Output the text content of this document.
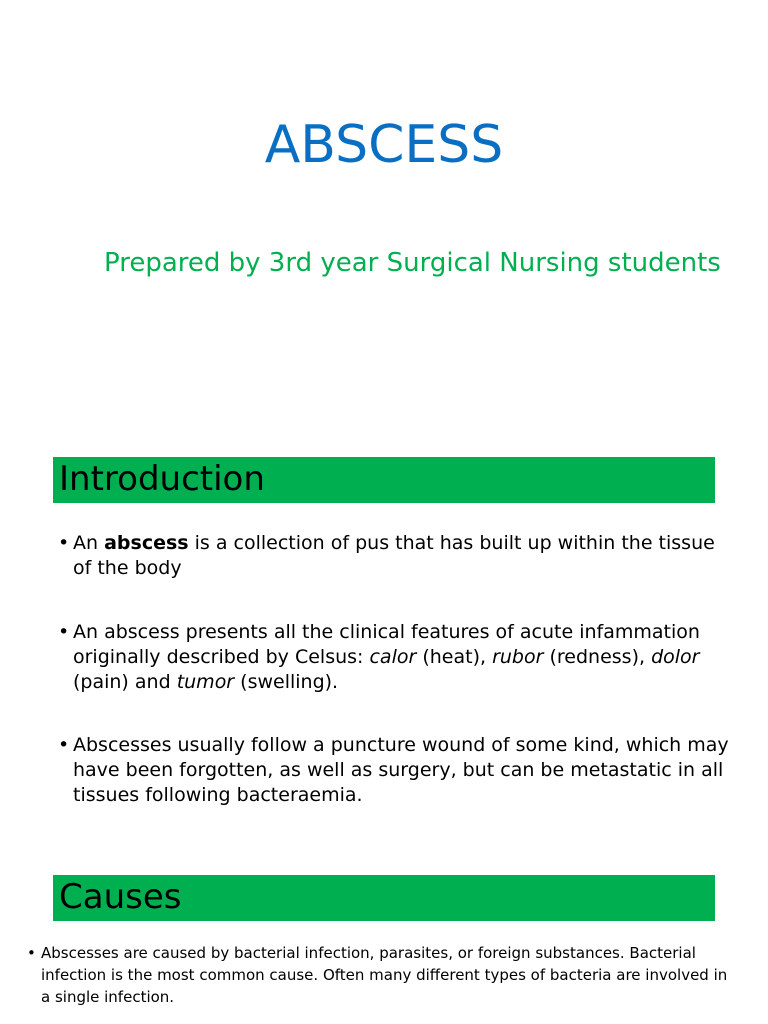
ABSCESS

Prepared by 3rd year Surgical Nursing students

Introduction

• An abscess is a collection of pus that has built up within the tissue of the body

• An abscess presents all the clinical features of acute infammation originally described by Celsus: calor (heat), rubor (redness), dolor (pain) and tumor (swelling).

• Abscesses usually follow a puncture wound of some kind, which may have been forgotten, as well as surgery, but can be metastatic in all tissues following bacteraemia.

Causes

• Abscesses are caused by bacterial infection, parasites, or foreign substances. Bacterial infection is the most common cause. Often many different types of bacteria are involved in a single infection.
